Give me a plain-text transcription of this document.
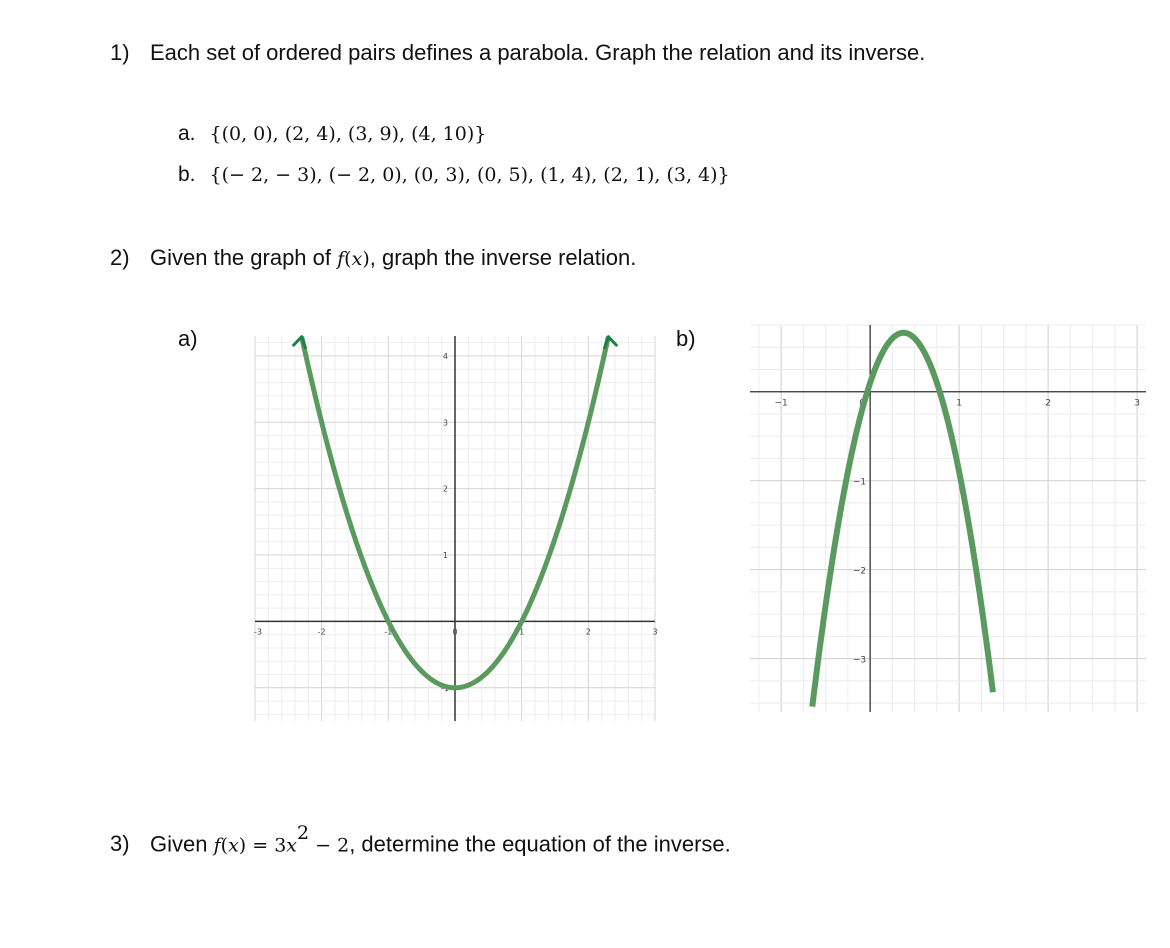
1) Each set of ordered pairs defines a parabola. Graph the relation and its inverse.
a. {(0, 0), (2, 4), (3, 9), (4, 10)}
b. {(− 2, − 3), (− 2, 0), (0, 3), (0, 5), (1, 4), (2, 1), (3, 4)}
2) Given the graph of f(x), graph the inverse relation.
a)	b)
-3	-2	-1	0	1	2	3
1
2
3
4
-1
−1	0	1	2	3
−1
−2
−3
3) Given $f(x) = 3x^2 - 2$, determine the equation of the inverse.
